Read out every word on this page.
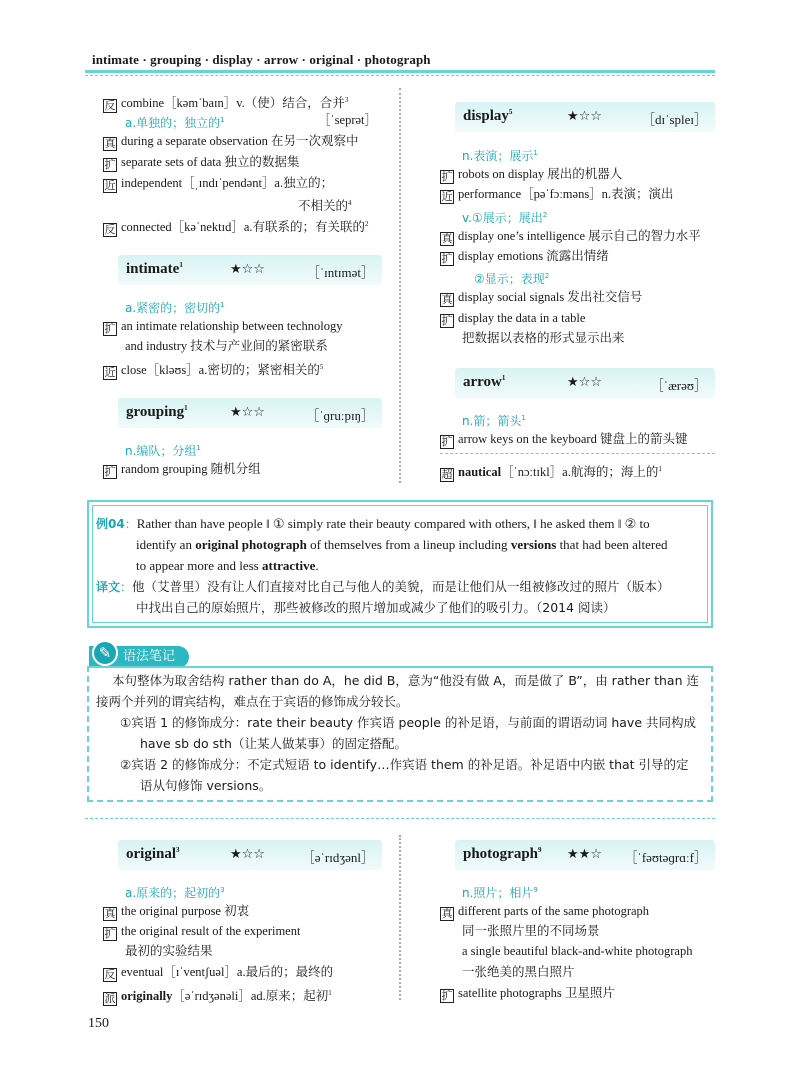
intimate · grouping · display · arrow · original · photograph
反 combine［kəmˈbaɪn］v.（使）结合，合并$^3$
a.单独的；独立的$^1$	［ˈseprət］
真 during a separate observation 在另一次观察中
扩 separate sets of data 独立的数据集
近 independent［ˌɪndɪˈpendənt］a.独立的；
不相关的$^4$
反 connected［kəˈnektɪd］a.有联系的；有关联的$^2$
intimate$^1$	★☆☆	［ˈɪntɪmət］
a.紧密的；密切的$^1$
扩 an intimate relationship between technology
and industry 技术与产业间的紧密联系
近 close［kləʊs］a.密切的；紧密相关的$^5$
grouping$^1$	★☆☆	［ˈɡruːpɪŋ］
n.编队；分组$^1$
扩 random grouping 随机分组
display$^5$	★☆☆	［dɪˈspleɪ］
n.表演；展示$^1$
扩 robots on display 展出的机器人
近 performance［pəˈfɔːməns］n.表演；演出
v.①展示；展出$^2$
真 display one’s intelligence 展示自己的智力水平
扩 display emotions 流露出情绪
②显示；表现$^2$
真 display social signals 发出社交信号
扩 display the data in a table
把数据以表格的形式显示出来
arrow$^1$	★☆☆	［ˈærəʊ］
n.箭；箭头$^1$
扩 arrow keys on the keyboard 键盘上的箭头键
超 nautical［ˈnɔːtɪkl］a.航海的；海上的$^1$
例04：Rather than have people ‖ ① simply rate their beauty compared with others, ‖ he asked them ‖ ② to
identify an original photograph of themselves from a lineup including versions that had been altered
to appear more and less attractive.
译文：他（艾普里）没有让人们直接对比自己与他人的美貌，而是让他们从一组被修改过的照片（版本）
中找出自己的原始照片，那些被修改的照片增加或减少了他们的吸引力。（2014 阅读）
语法笔记
✎
本句整体为取舍结构 rather than do A，he did B，意为“他没有做 A，而是做了 B”，由 rather than 连
接两个并列的谓宾结构，难点在于宾语的修饰成分较长。
①宾语 1 的修饰成分：rate their beauty 作宾语 people 的补足语，与前面的谓语动词 have 共同构成
have sb do sth（让某人做某事）的固定搭配。
②宾语 2 的修饰成分：不定式短语 to identify…作宾语 them 的补足语。补足语中内嵌 that 引导的定
语从句修饰 versions。
original$^3$	★☆☆	［əˈrɪdʒənl］
a.原来的；起初的$^3$
真 the original purpose 初衷
扩 the original result of the experiment
最初的实验结果
反 eventual［ɪˈventʃuəl］a.最后的；最终的
派 originally［əˈrɪdʒənəli］ad.原来；起初$^1$
photograph$^9$ ★★☆ ［ˈfəʊtəɡrɑːf］
n.照片；相片$^9$
真 different parts of the same photograph
同一张照片里的不同场景
a single beautiful black-and-white photograph
一张绝美的黑白照片
扩 satellite photographs 卫星照片
150
